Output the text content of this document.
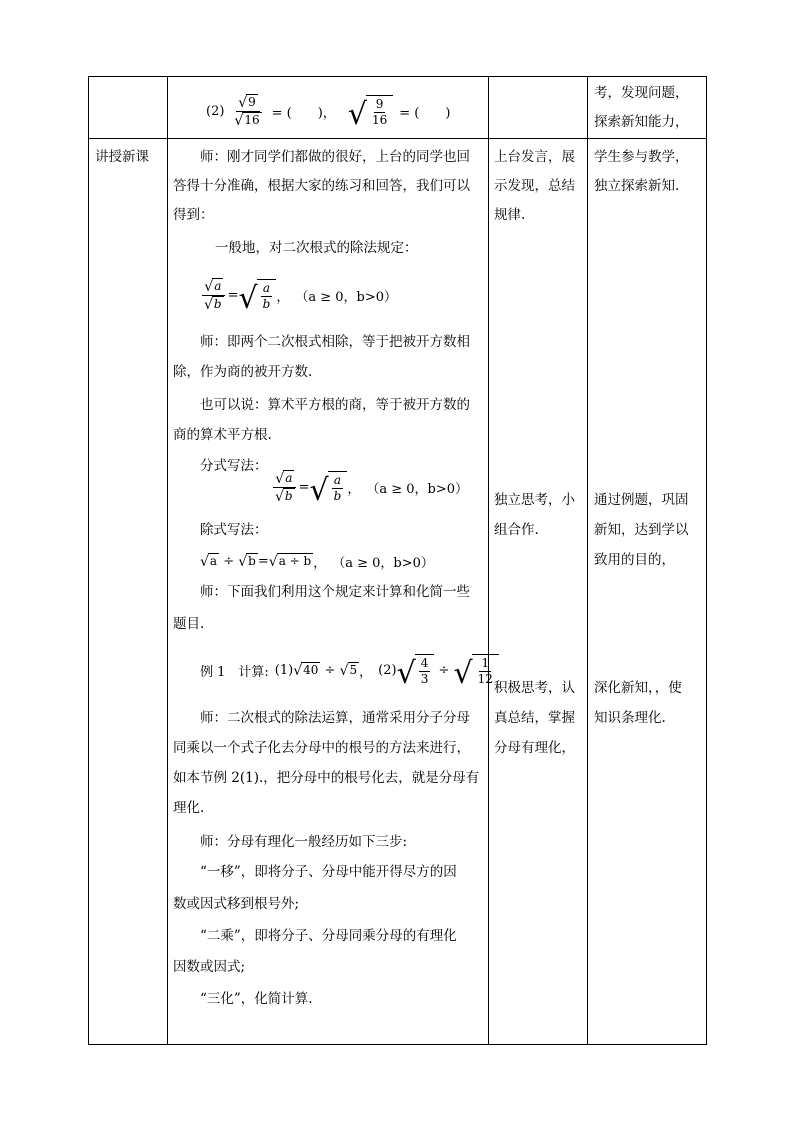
$(2) \frac{√ 9}{√ 16}$ = (　　) ， √ $\frac{9}{16}$ = (　　)
考，发现问题，
探索新知能力，
讲授新课	师：刚才同学们都做的很好，上台的同学也回
答得十分准确，根据大家的练习和回答，我们可以
得到：
一般地，对二次根式的除法规定：
$\frac{√ a}{√ b}$ = √ $\frac{a}{b}$ ， （a ≥ 0，b>0）
师：即两个二次根式相除，等于把被开方数相
除，作为商的被开方数.
也可以说：算术平方根的商，等于被开方数的
商的算术平方根.
分式写法：
$\frac{√ a}{√ b}$ = √ $\frac{a}{b}$ ， （a ≥ 0，b>0）
除式写法：
√ a ÷ √ b = √ a ÷ b ， （a ≥ 0，b>0）
师：下面我们利用这个规定来计算和化简一些
题目.
例 1　计算: (1) √ 40 ÷ √ 5 ， (2) √ $\frac{4}{3}$ ÷ √ $\frac{1}{12}$
师：二次根式的除法运算，通常采用分子分母
同乘以一个式子化去分母中的根号的方法来进行，
如本节例 2(1).，把分母中的根号化去，就是分母有
理化.
师：分母有理化一般经历如下三步:
“一移”，即将分子、分母中能开得尽方的因
数或因式移到根号外;
“二乘”，即将分子、分母同乘分母的有理化
因数或因式;
“三化”，化简计算.
上台发言，展
示发现，总结
规律.
独立思考，小
组合作.
积极思考，认
真总结，掌握
分母有理化，
学生参与教学，
独立探索新知.
通过例题，巩固
新知，达到学以
致用的目的，
深化新知，，使
知识条理化.
